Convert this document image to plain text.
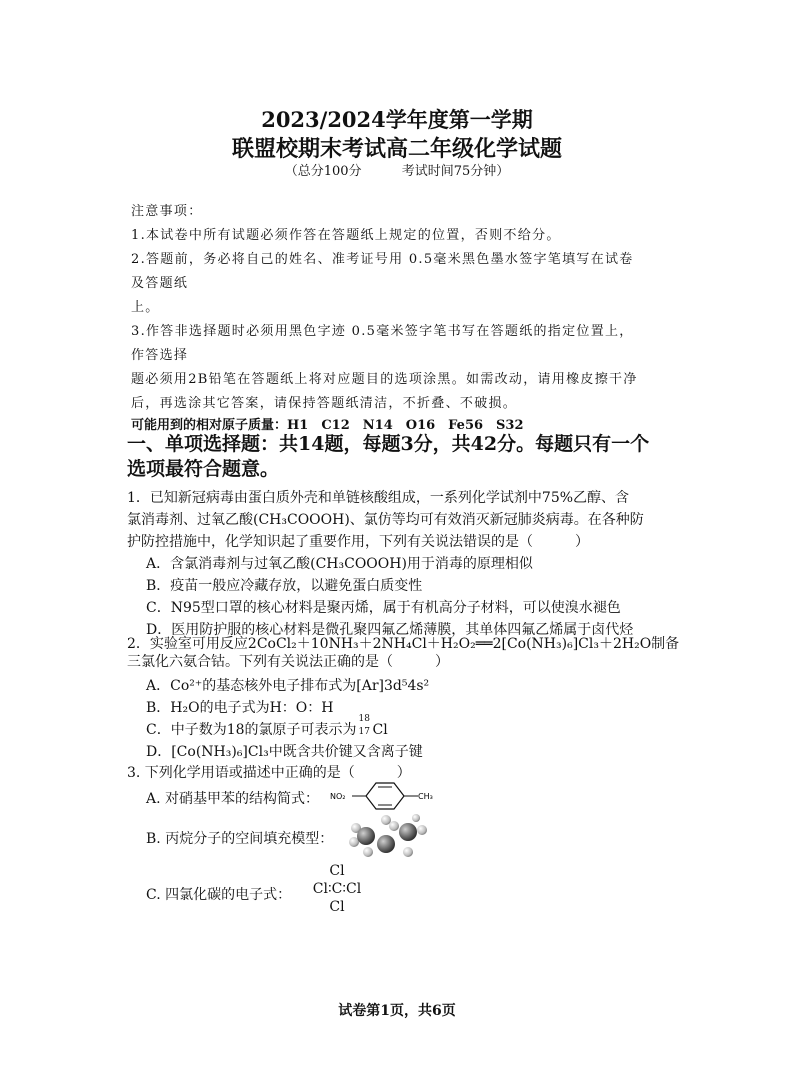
2023/2024学年度第一学期
联盟校期末考试高二年级化学试题
（总分100分	考试时间75分钟）
注意事项：
1.本试卷中所有试题必须作答在答题纸上规定的位置，否则不给分。
2.答题前，务必将自己的姓名、准考证号用 0.5毫米黑色墨水签字笔填写在试卷
及答题纸
上。
3.作答非选择题时必须用黑色字迹 0.5毫米签字笔书写在答题纸的指定位置上，
作答选择
题必须用2B铅笔在答题纸上将对应题目的选项涂黑。如需改动，请用橡皮擦干净
后，再选涂其它答案，请保持答题纸清洁，不折叠、不破损。
可能用到的相对原子质量：H1　C12　N14　O16　Fe56　S32
一、单项选择题：共14题，每题3分，共42分。每题只有一个
选项最符合题意。
1．已知新冠病毒由蛋白质外壳和单链核酸组成，一系列化学试剂中75%乙醇、含
氯消毒剂、过氧乙酸(CH₃COOOH)、氯仿等均可有效消灭新冠肺炎病毒。在各种防
护防控措施中，化学知识起了重要作用，下列有关说法错误的是（　　　）
A．含氯消毒剂与过氧乙酸(CH₃COOOH)用于消毒的原理相似
B．疫苗一般应冷藏存放，以避免蛋白质变性
C．N95型口罩的核心材料是聚丙烯，属于有机高分子材料，可以使溴水褪色
D．医用防护服的核心材料是微孔聚四氟乙烯薄膜，其单体四氟乙烯属于卤代烃
2．实验室可用反应2CoCl₂＋10NH₃＋2NH₄Cl＋H₂O₂══2[Co(NH₃)₆]Cl₃＋2H₂O制备
三氯化六氨合钴。下列有关说法正确的是（　　　）
A．Co²⁺的基态核外电子排布式为[Ar]3d⁵4s²
B．H₂O的电子式为H：O：H
C．中子数为18的氯原子可表示为
18
17 Cl
D．[Co(NH₃)₆]Cl₃中既含共价键又含离子键
3. 下列化学用语或描述中正确的是（　　　）
A. 对硝基甲苯的结构简式： NO₂	CH₃
B. 丙烷分子的空间填充模型：
C. 四氯化碳的电子式：
Cl
Cl∶C∶Cl
Cl
试卷第1页，共6页
